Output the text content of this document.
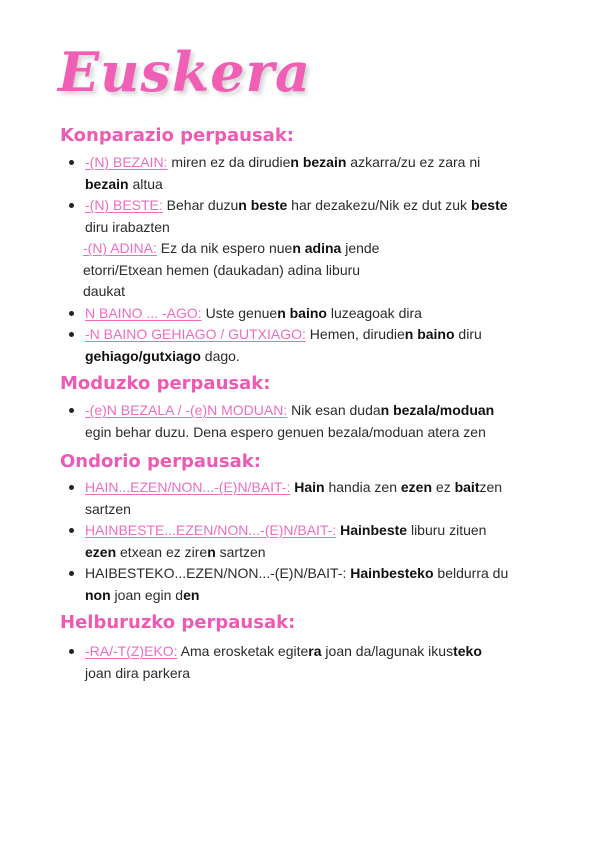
Euskera
Konparazio perpausak:
-(N) BEZAIN: miren ez da dirudien bezain azkarra/zu ez zara ni
bezain altua
-(N) BESTE: Behar duzun beste har dezakezu/Nik ez dut zuk beste
diru irabazten
-(N) ADINA: Ez da nik espero nuen adina jende
etorri/Etxean hemen (daukadan) adina liburu
daukat
N BAINO ... -AGO: Uste genuen baino luzeagoak dira
-N BAINO GEHIAGO / GUTXIAGO: Hemen, dirudien baino diru
gehiago/gutxiago dago.
Moduzko perpausak:
-(e)N BEZALA / -(e)N MODUAN: Nik esan dudan bezala/moduan
egin behar duzu. Dena espero genuen bezala/moduan atera zen
Ondorio perpausak:
HAIN...EZEN/NON...-(E)N/BAIT-: Hain handia zen ezen ez baitzen
sartzen
HAINBESTE...EZEN/NON...-(E)N/BAIT-: Hainbeste liburu zituen
ezen etxean ez ziren sartzen
HAIBESTEKO...EZEN/NON...-(E)N/BAIT-: Hainbesteko beldurra du
non joan egin den
Helburuzko perpausak:
-RA/-T(Z)EKO: Ama erosketak egitera joan da/lagunak ikusteko
joan dira parkera
